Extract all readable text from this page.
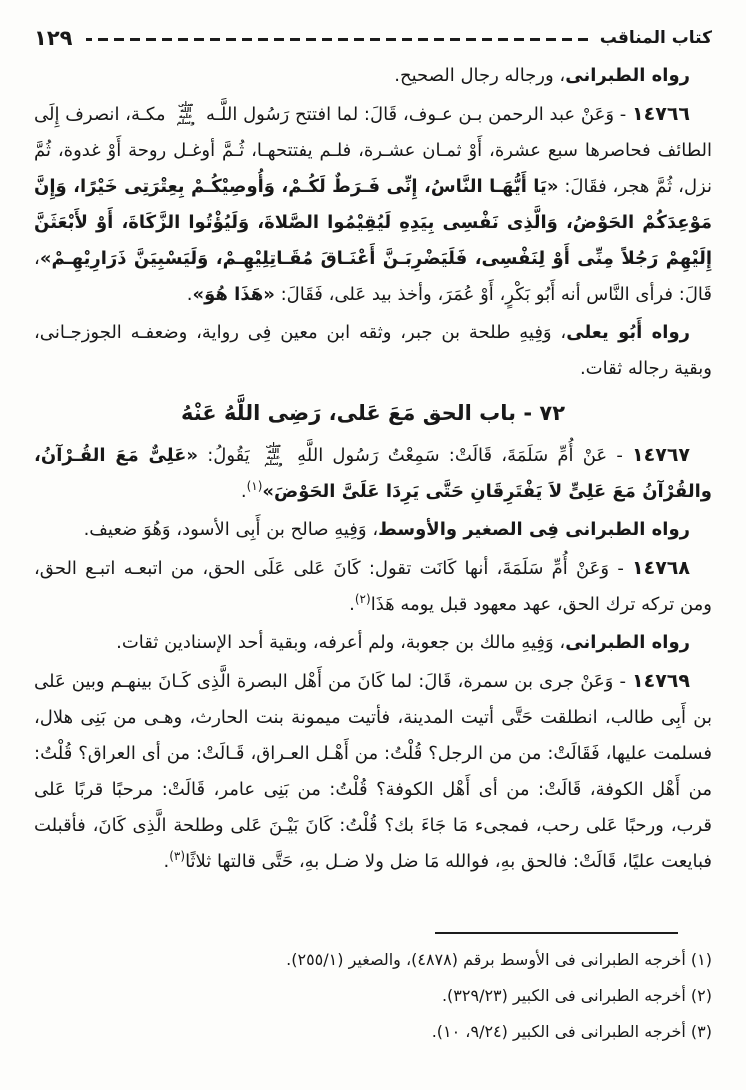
كتاب المناقب
١٢٩
رواه الطبرانى، ورجاله رجال الصحيح.
١٤٧٦٦ - وَعَنْ عبد الرحمن بـن عـوف، قَالَ: لما افتتح رَسُول اللَّـه صلى الله عليه وسلم مكـة، انصرف إِلَى الطائف فحاصرها سبع عشرة، أَوْ ثمـان عشـرة، فلـم يفتتحهـا، ثُـمَّ أوغـل روحة أَوْ غدوة، ثُمَّ نزل، ثُمَّ هجر، فقَالَ: «يَا أَيُّهَـا النَّاسُ، إِنِّى فَـرَطٌ لَكُـمْ، وَأُوصِيْكُـمْ بِعِتْرَتِى خَيْرًا، وَإِنَّ مَوْعِدَكُمْ الحَوْضُ، وَالَّذِى نَفْسِى بِيَدِهِ لَيُقِيْمُوا الصَّلاةَ، وَلَيُؤْتُوا الزَّكَاةَ، أَوْ لأَبْعَثَنَّ إِلَيْهِمْ رَجُلاً مِنِّى أَوْ لِنَفْسِى، فَلَيَضْرِبَـنَّ أَعْنَـاقَ مُقَـاتِلِيْهِـمْ، وَلَيَسْبِيَنَّ ذَرَارِيْهِـمْ»، قَالَ: فرأى النَّاس أنه أَبُو بَكْرٍ، أَوْ عُمَرَ، وأخذ بيد عَلى، فَقَالَ: «هَذَا هُوَ».
رواه أَبُو يعلى، وَفِيهِ طلحة بن جبر، وثقه ابن معين فِى رواية، وضعفـه الجوزجـانى، وبقية رجاله ثقات.
٧٢ - باب الحق مَعَ عَلى، رَضِى اللَّهُ عَنْهُ
١٤٧٦٧ - عَنْ أُمِّ سَلَمَةَ، قَالَتْ: سَمِعْتُ رَسُول اللَّهِ صلى الله عليه وسلم يَقُولُ: «عَلِىٌّ مَعَ القُـرْآنُ، والقُرْآنُ مَعَ عَلِىٍّ لاَ يَفْتَرِقَانِ حَتَّى يَرِدَا عَلَىَّ الحَوْضَ»$^{(١)}$.
رواه الطبرانى فِى الصغير والأوسط، وَفِيهِ صالح بن أَبِى الأسود، وَهُوَ ضعيف.
١٤٧٦٨ - وَعَنْ أُمِّ سَلَمَةَ، أنها كَانَت تقول: كَانَ عَلى عَلَى الحق، من اتبعـه اتبـع الحق، ومن تركه ترك الحق، عهد معهود قبل يومه هَذَا$^{(٢)}$.
رواه الطبرانى، وَفِيهِ مالك بن جعوبة، ولم أعرفه، وبقية أحد الإسنادين ثقات.
١٤٧٦٩ - وَعَنْ جرى بن سمرة، قَالَ: لما كَانَ من أَهْل البصرة الَّذِى كَـانَ بينهـم وبين عَلى بن أَبِى طالب، انطلقت حَتَّى أتيت المدينة، فأتيت ميمونة بنت الحارث، وهـى من بَنِى هلال، فسلمت عليها، فَقَالَتْ: من من الرجل؟ قُلْتُ: من أَهْـل العـراق، قَـالَتْ: من أى العراق؟ قُلْتُ: من أَهْل الكوفة، قَالَتْ: من أى أَهْل الكوفة؟ قُلْتُ: من بَنِى عامر، قَالَتْ: مرحبًا قربًا عَلى قرب، ورحبًا عَلى رحب، فمجىء مَا جَاءَ بك؟ قُلْتُ: كَانَ بَيْـنَ عَلى وطلحة الَّذِى كَانَ، فأقبلت فبايعت عليًا، قَالَتْ: فالحق بهِ، فوالله مَا ضل ولا ضـل بهِ، حَتَّى قالتها ثلاثًا$^{(٣)}$.
(١) أخرجه الطبرانى فى الأوسط برقم (٤٨٧٨)، والصغير (٢٥٥/١).
(٢) أخرجه الطبرانى فى الكبير (٣٢٩/٢٣).
(٣) أخرجه الطبرانى فى الكبير (٩/٢٤، ١٠).
